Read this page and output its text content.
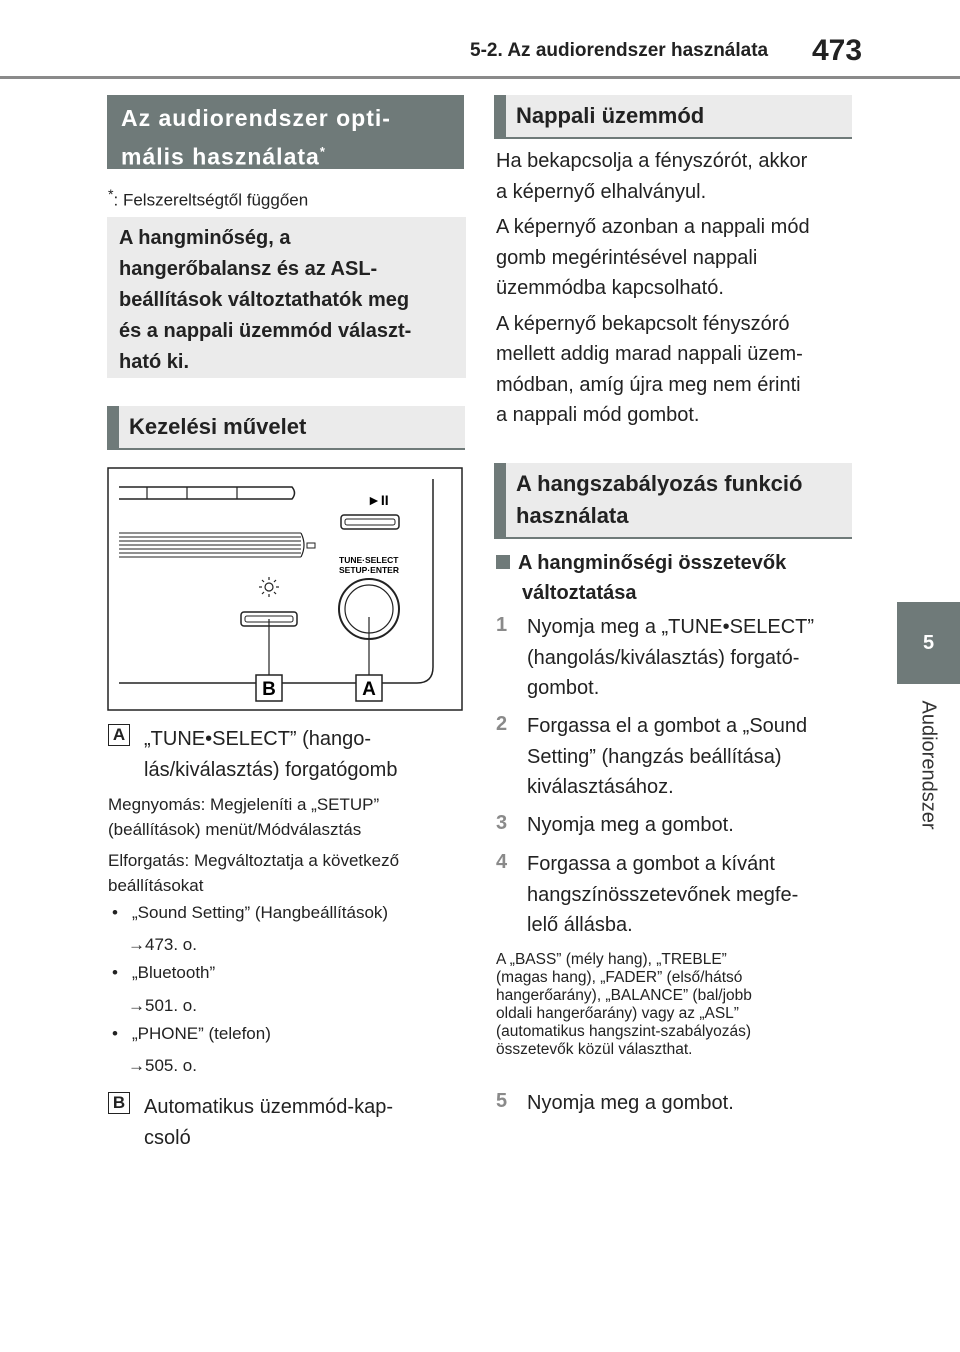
5-2. Az audiorendszer használata 473
5
Audiorendszer
Az audiorendszer opti-
mális használata*
*: Felszereltségtől függően
A hangminőség, a
hangerőbalansz és az ASL-
beállítások változtathatók meg
és a nappali üzemmód választ-
ható ki.
Kezelési művelet
►II
TUNE·SELECT
SETUP·ENTER
B	A
A „TUNE•SELECT” (hango-
lás/kiválasztás) forgatógomb
Megnyomás: Megjeleníti a „SETUP”
(beállítások) menüt/Módválasztás
Elforgatás: Megváltoztatja a következő
beállításokat
• „Sound Setting” (Hangbeállítások)
→473. o.
• „Bluetooth”
→501. o.
• „PHONE” (telefon)
→505. o.
B Automatikus üzemmód-kap-
csoló
Nappali üzemmód
Ha bekapcsolja a fényszórót, akkor
a képernyő elhalványul.
A képernyő azonban a nappali mód
gomb megérintésével nappali
üzemmódba kapcsolható.
A képernyő bekapcsolt fényszóró
mellett addig marad nappali üzem-
módban, amíg újra meg nem érinti
a nappali mód gombot.
A hangszabályozás funkció
használata
A hangminőségi összetevők
változtatása
1 Nyomja meg a „TUNE•SELECT”
(hangolás/kiválasztás) forgató-
gombot.
2 Forgassa el a gombot a „Sound
Setting” (hangzás beállítása)
kiválasztásához.
3 Nyomja meg a gombot.
4 Forgassa a gombot a kívánt
hangszínösszetevőnek megfe-
lelő állásba.
A „BASS” (mély hang), „TREBLE”
(magas hang), „FADER” (első/hátsó
hangerőarány), „BALANCE” (bal/jobb
oldali hangerőarány) vagy az „ASL”
(automatikus hangszint-szabályozás)
összetevők közül választhat.
5 Nyomja meg a gombot.
